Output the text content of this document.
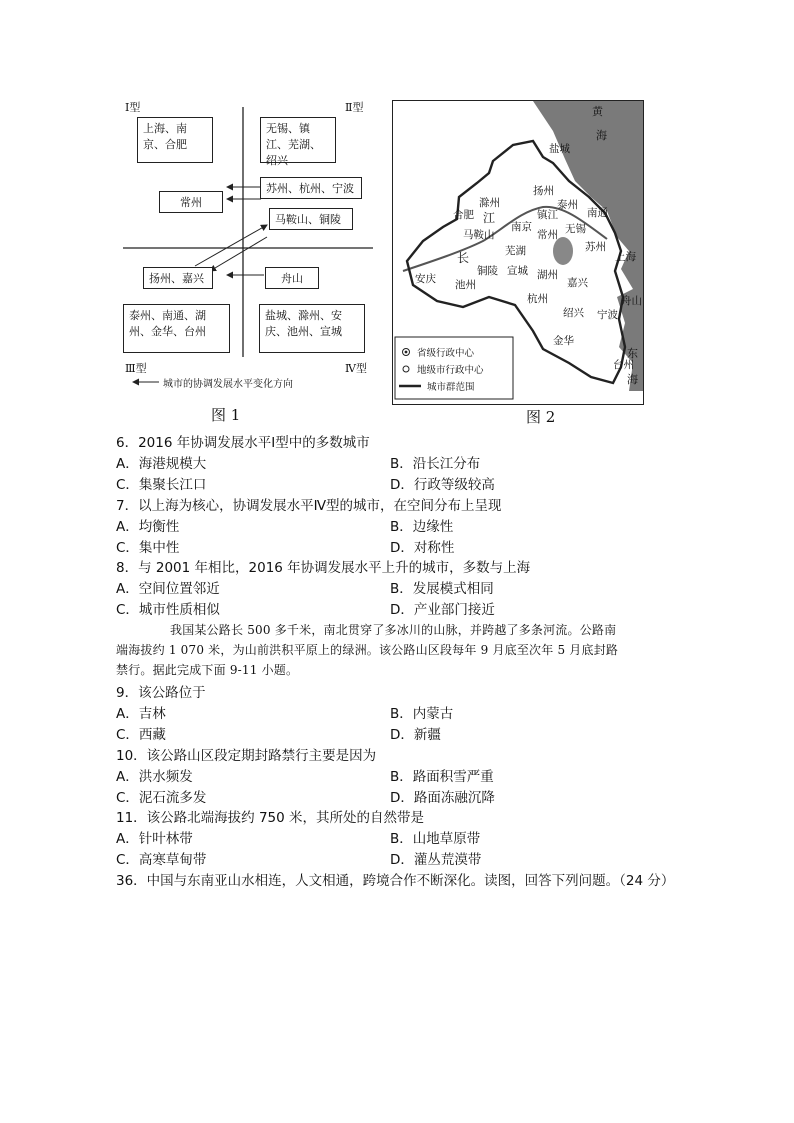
Ⅰ型	Ⅱ型
Ⅲ型	Ⅳ型
上海、南京、合肥
无锡、镇江、芜湖、绍兴
苏州、杭州、宁波
常州
马鞍山、铜陵
扬州、嘉兴	舟山
泰州、南通、湖州、金华、台州
盐城、滁州、安庆、池州、宣城
城市的协调发展水平变化方向
图 1
黄
海
东
海
盐城
扬州
泰州
南通
滁州
镇江
无锡
南京
合肥
马鞍山	常州
苏州
上海
芜湖
铜陵 宣城 湖州
安庆 池州	嘉兴
杭州	舟山
绍兴 宁波
金华
台州
长
江
省级行政中心
地级市行政中心
城市群范围
图 2
6．2016 年协调发展水平Ⅰ型中的多数城市
A．海港规模大	B．沿长江分布
C．集聚长江口	D．行政等级较高
7．以上海为核心，协调发展水平Ⅳ型的城市，在空间分布上呈现
A．均衡性	B．边缘性
C．集中性	D．对称性
8．与 2001 年相比，2016 年协调发展水平上升的城市，多数与上海
A．空间位置邻近	B．发展模式相同
C．城市性质相似	D．产业部门接近
我国某公路长 500 多千米，南北贯穿了多冰川的山脉，并跨越了多条河流。公路南
端海拔约 1 070 米，为山前洪积平原上的绿洲。该公路山区段每年 9 月底至次年 5 月底封路
禁行。据此完成下面 9-11 小题。
9．该公路位于
A．吉林	B．内蒙古
C．西藏	D．新疆
10．该公路山区段定期封路禁行主要是因为
A．洪水频发	B．路面积雪严重
C．泥石流多发	D．路面冻融沉降
11．该公路北端海拔约 750 米，其所处的自然带是
A．针叶林带	B．山地草原带
C．高寒草甸带	D．灌丛荒漠带
36．中国与东南亚山水相连，人文相通，跨境合作不断深化。读图，回答下列问题。（24 分）
